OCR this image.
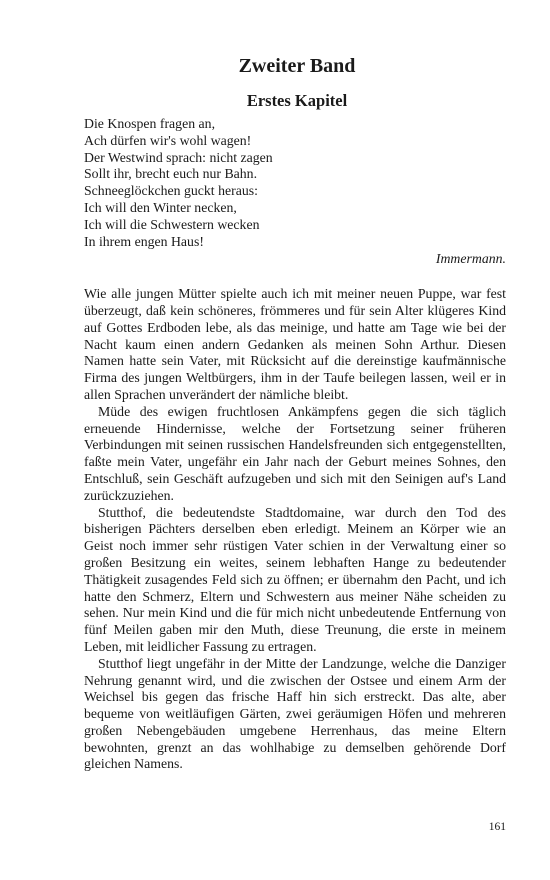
Zweiter Band
Erstes Kapitel
Die Knospen fragen an,
Ach dürfen wir's wohl wagen!
Der Westwind sprach: nicht zagen
Sollt ihr, brecht euch nur Bahn.
Schneeglöckchen guckt heraus:
Ich will den Winter necken,
Ich will die Schwestern wecken
In ihrem engen Haus!
Immermann.

Wie alle jungen Mütter spielte auch ich mit meiner neuen Puppe, war fest überzeugt, daß kein schöneres, frömmeres und für sein Alter klügeres Kind auf Gottes Erdboden lebe, als das meinige, und hatte am Tage wie bei der Nacht kaum einen andern Gedanken als meinen Sohn Arthur. Diesen Namen hatte sein Vater, mit Rücksicht auf die dereinstige kaufmännische Firma des jungen Weltbürgers, ihm in der Taufe beilegen lassen, weil er in allen Sprachen unverändert der nämliche bleibt.

Müde des ewigen fruchtlosen Ankämpfens gegen die sich täglich erneuende Hindernisse, welche der Fortsetzung seiner früheren Verbindungen mit seinen russischen Handelsfreunden sich entgegenstellten, faßte mein Vater, ungefähr ein Jahr nach der Geburt meines Sohnes, den Entschluß, sein Geschäft aufzugeben und sich mit den Seinigen auf's Land zurückzuziehen.

Stutthof, die bedeutendste Stadtdomaine, war durch den Tod des bisherigen Pächters derselben eben erledigt. Meinem an Körper wie an Geist noch immer sehr rüstigen Vater schien in der Verwaltung einer so großen Besitzung ein weites, seinem lebhaften Hange zu bedeutender Thätigkeit zusagendes Feld sich zu öffnen; er übernahm den Pacht, und ich hatte den Schmerz, Eltern und Schwestern aus meiner Nähe scheiden zu sehen. Nur mein Kind und die für mich nicht unbedeutende Entfernung von fünf Meilen gaben mir den Muth, diese Treunung, die erste in meinem Leben, mit leidlicher Fassung zu ertragen.

Stutthof liegt ungefähr in der Mitte der Landzunge, welche die Danziger Nehrung genannt wird, und die zwischen der Ostsee und einem Arm der Weichsel bis gegen das frische Haff hin sich erstreckt. Das alte, aber bequeme von weitläufigen Gärten, zwei geräumigen Höfen und mehreren großen Nebengebäuden umgebene Herrenhaus, das meine Eltern bewohnten, grenzt an das wohlhabige zu demselben gehörende Dorf gleichen Namens.

161
